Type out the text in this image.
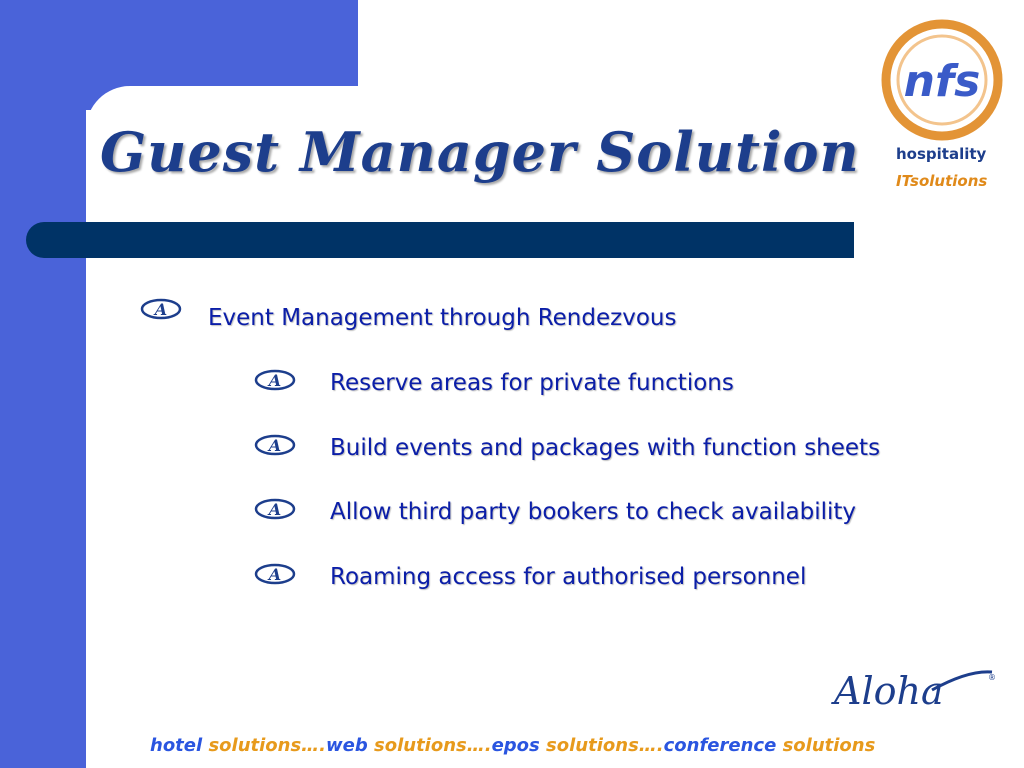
Guest Manager Solution
A Event Management through Rendezvous
A Reserve areas for private functions
A Build events and packages with function sheets
A Allow third party bookers to check availability
A Roaming access for authorised personnel
nfs
hospitality
ITsolutions
Aloha	®
hotel solutions….web solutions….epos solutions….conference solutions
